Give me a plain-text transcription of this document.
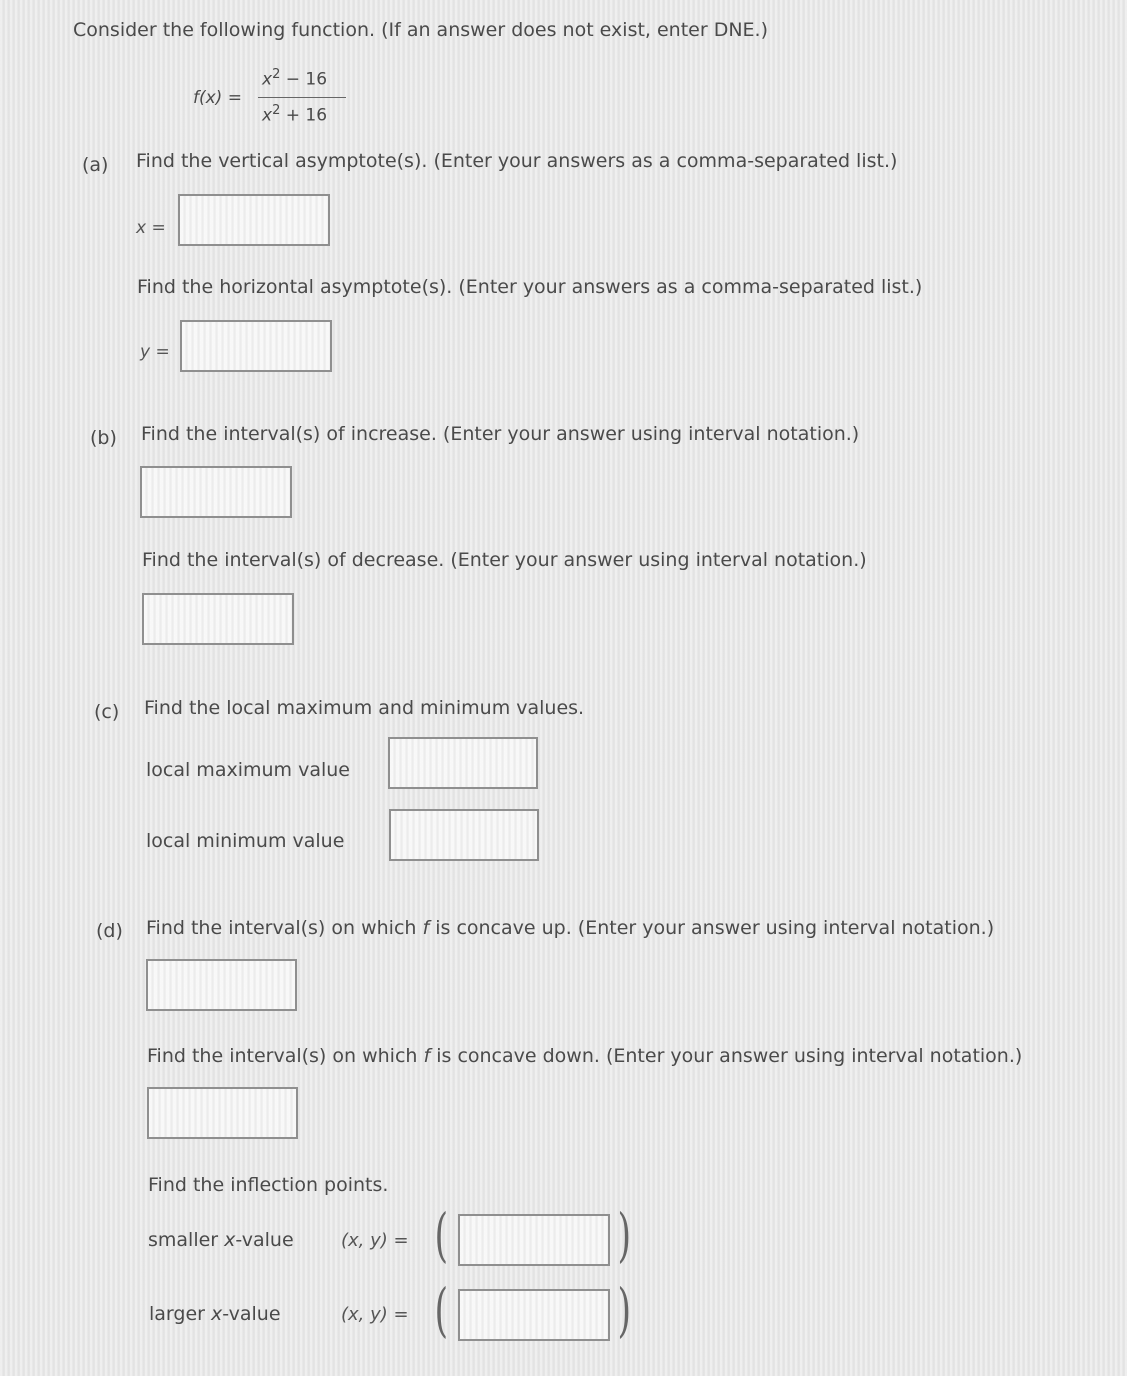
Consider the following function. (If an answer does not exist, enter DNE.)
f(x) =
$x^2 - 16$
$x^2 + 16$
(a) Find the vertical asymptote(s). (Enter your answers as a comma-separated list.)
x =
Find the horizontal asymptote(s). (Enter your answers as a comma-separated list.)
y =
(b) Find the interval(s) of increase. (Enter your answer using interval notation.)
Find the interval(s) of decrease. (Enter your answer using interval notation.)
(c) Find the local maximum and minimum values.
local maximum value
local minimum value
(d) Find the interval(s) on which f is concave up. (Enter your answer using interval notation.)
Find the interval(s) on which f is concave down. (Enter your answer using interval notation.)
Find the inflection points.
smaller x-value	(x, y) = (	)
larger x-value	(x, y) = (	)
